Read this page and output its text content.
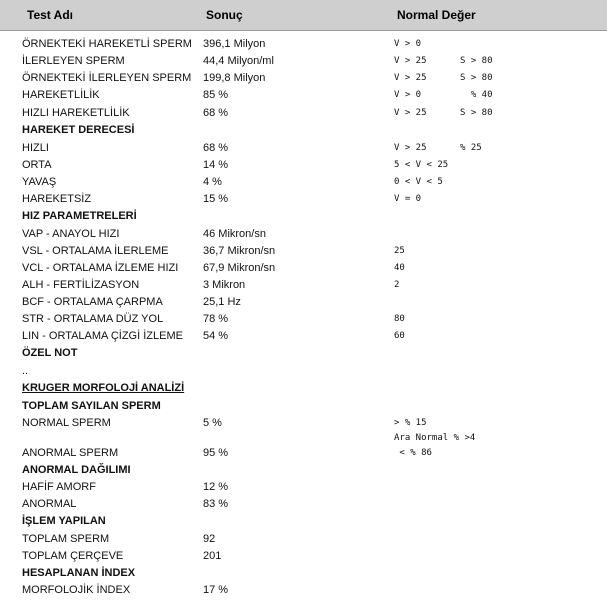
Test Adı	Sonuç	Normal Değer
ÖRNEKTEKİ HAREKETLİ SPERM 396,1 Milyon	V > 0
İLERLEYEN SPERM	44,4 Milyon/ml	V > 25	S > 80
ÖRNEKTEKİ İLERLEYEN SPERM 199,8 Milyon	V > 25	S > 80
HAREKETLİLİK	85 %	V > 0	% 40
HIZLI HAREKETLİLİK	68 %	V > 25	S > 80
HAREKET DERECESİ
HIZLI	68 %	V > 25	% 25
ORTA	14 %	5 < V < 25
YAVAŞ	4 %	0 < V < 5
HAREKETSİZ	15 %	V = 0
HIZ PARAMETRELERİ
VAP - ANAYOL HIZI	46 Mikron/sn
VSL - ORTALAMA İLERLEME	36,7 Mikron/sn	25
VCL - ORTALAMA İZLEME HIZI 67,9 Mikron/sn	40
ALH - FERTİLİZASYON	3 Mikron	2
BCF - ORTALAMA ÇARPMA	25,1 Hz
STR - ORTALAMA DÜZ YOL	78 %	80
LIN - ORTALAMA ÇİZGİ İZLEME 54 %	60
ÖZEL NOT
..
KRUGER MORFOLOJİ ANALİZİ
TOPLAM SAYILAN SPERM
NORMAL SPERM	5 %	> % 15
Ara Normal % >4
ANORMAL SPERM	95 %	< % 86
ANORMAL DAĞILIMI
HAFİF AMORF	12 %
ANORMAL	83 %
İŞLEM YAPILAN
TOPLAM SPERM	92
TOPLAM ÇERÇEVE	201
HESAPLANAN İNDEX
MORFOLOJİK İNDEX	17 %
